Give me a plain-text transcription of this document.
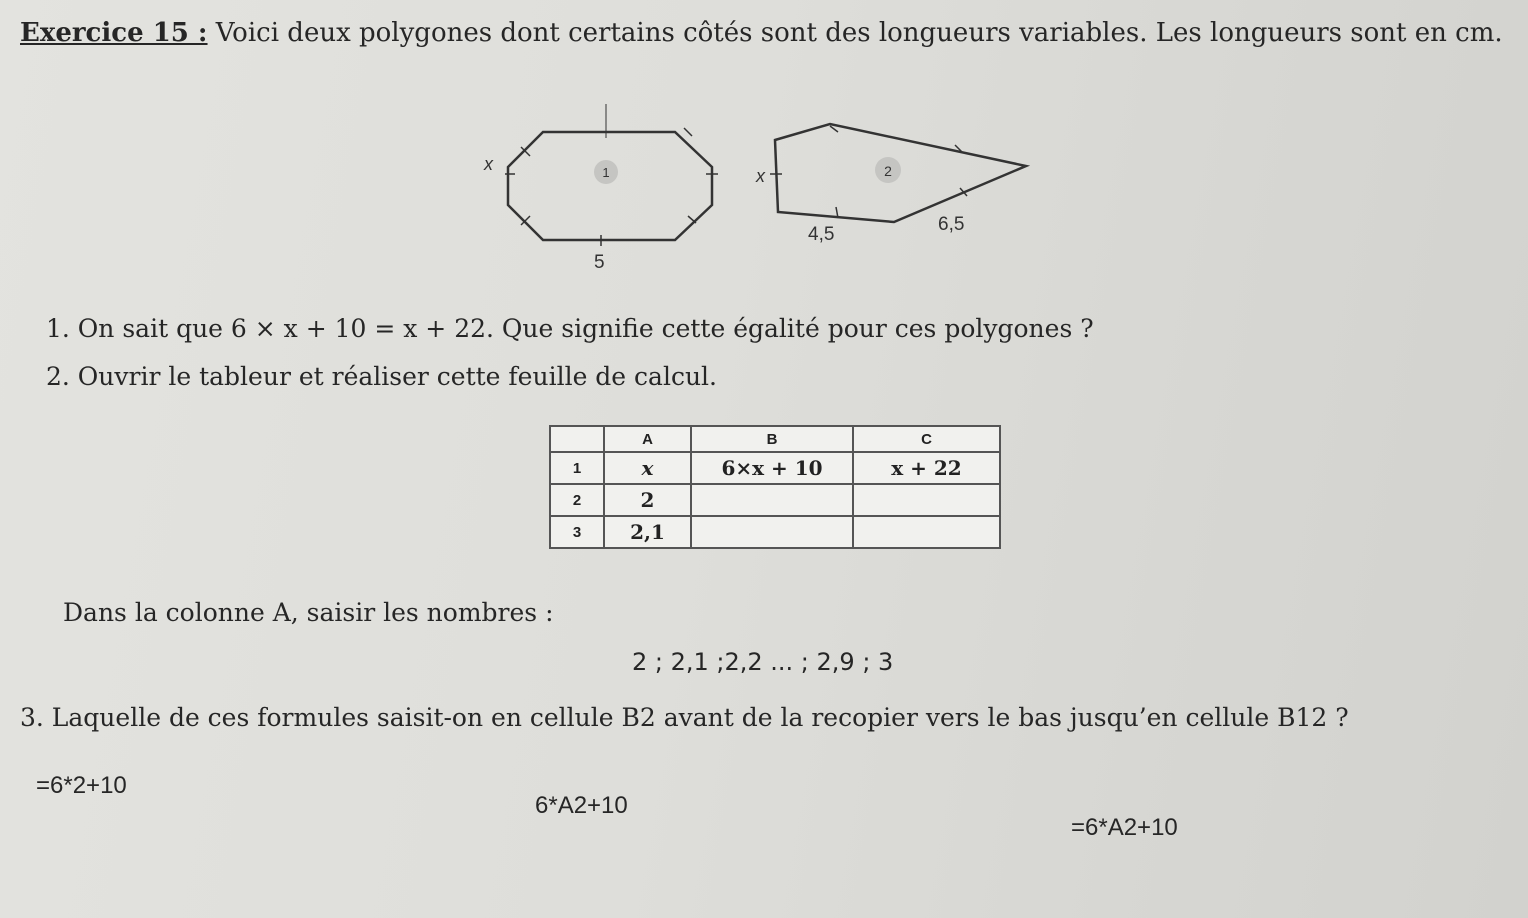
Exercice 15 : Voici deux polygones dont certains côtés sont des longueurs variables. Les longueurs sont en cm.
1
x
5
2
x
4,5	6,5
1. On sait que 6 × x + 10 = x + 22. Que signifie cette égalité pour ces polygones ?
2. Ouvrir le tableur et réaliser cette feuille de calcul.
	A	B	C
1	x	6×x + 10	x + 22
2	2		
3	2,1		
Dans la colonne A, saisir les nombres :
2 ; 2,1 ;2,2 ... ; 2,9 ; 3
3. Laquelle de ces formules saisit-on en cellule B2 avant de la recopier vers le bas jusqu’en cellule B12 ?
=6*2+10
6*A2+10
=6*A2+10
